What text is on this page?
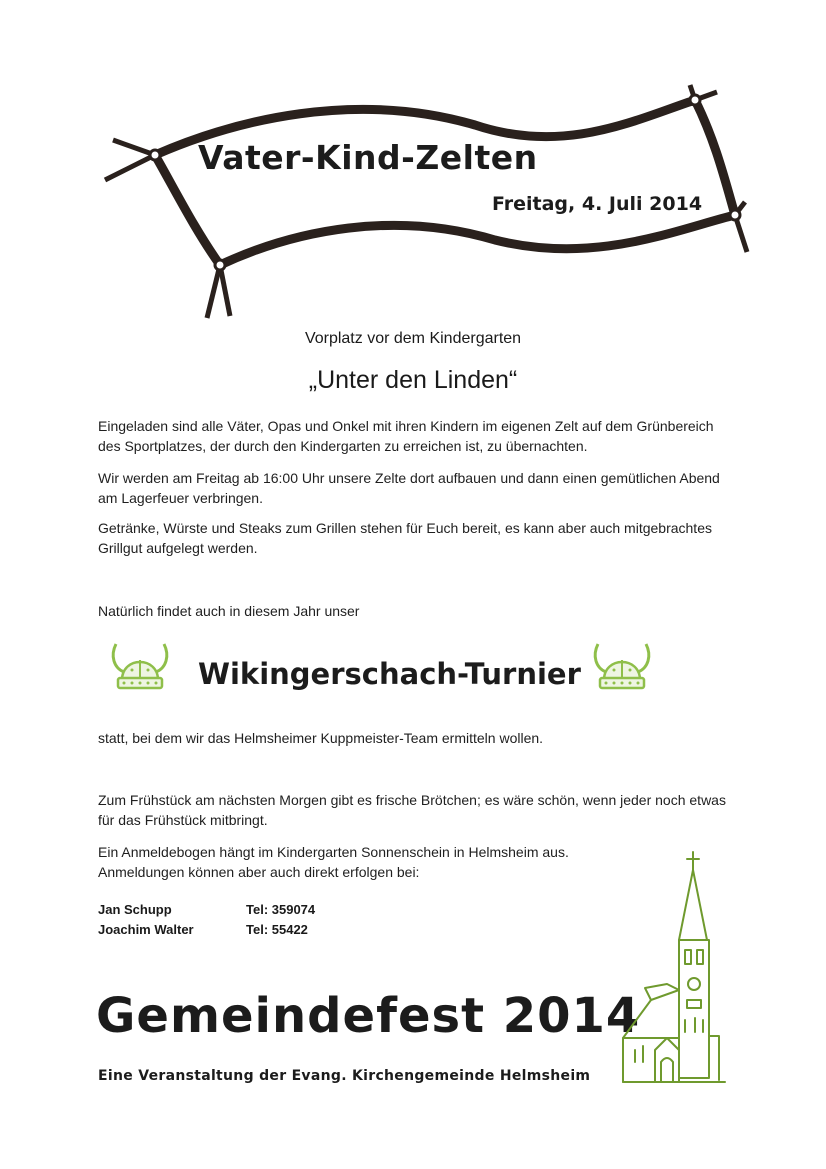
Vater-Kind-Zelten
Freitag, 4. Juli 2014
Vorplatz vor dem Kindergarten
„Unter den Linden“
Eingeladen sind alle Väter, Opas und Onkel mit ihren Kindern im eigenen Zelt auf dem Grünbereich des Sportplatzes, der durch den Kindergarten zu erreichen ist, zu übernachten.
Wir werden am Freitag ab 16:00 Uhr unsere Zelte dort aufbauen und dann einen gemütlichen Abend am Lagerfeuer verbringen.
Getränke, Würste und Steaks zum Grillen stehen für Euch bereit, es kann aber auch mitgebrachtes Grillgut aufgelegt werden.
Natürlich findet auch in diesem Jahr unser
Wikingerschach-Turnier
statt, bei dem wir das Helmsheimer Kuppmeister-Team ermitteln wollen.
Zum Frühstück am nächsten Morgen gibt es frische Brötchen; es wäre schön, wenn jeder noch etwas für das Frühstück mitbringt.
Ein Anmeldebogen hängt im Kindergarten Sonnenschein in Helmsheim aus.
Anmeldungen können aber auch direkt erfolgen bei:
Jan Schupp	Tel: 359074
Joachim Walter	Tel: 55422
Gemeindefest 2014
Eine Veranstaltung der Evang. Kirchengemeinde Helmsheim
